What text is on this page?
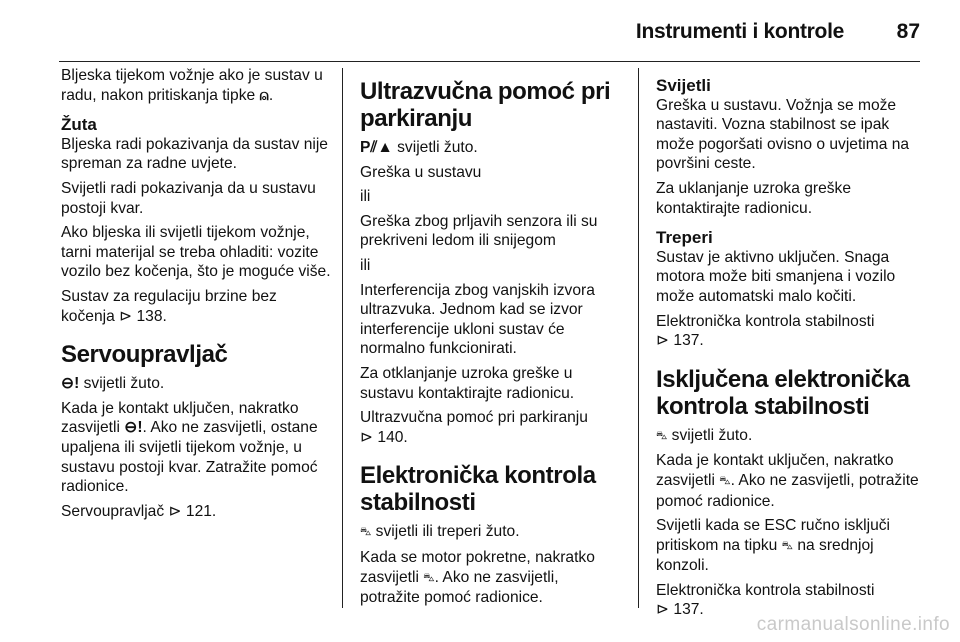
Instrumenti i kontrole	87

Bljeska tijekom vožnje ako je sustav u radu, nakon pritiskanja tipke ⍝.

Žuta

Bljeska radi pokazivanja da sustav nije spreman za radne uvjete.

Svijetli radi pokazivanja da u sustavu postoji kvar.

Ako bljeska ili svijetli tijekom vožnje, tarni materijal se treba ohladiti: vozite vozilo bez kočenja, što je moguće više.

Sustav za regulaciju brzine bez kočenja ⊳ 138.

Servoupravljač

⊖! svijetli žuto.

Kada je kontakt uključen, nakratko zasvijetli ⊖!. Ako ne zasvijetli, ostane upaljena ili svijetli tijekom vožnje, u sustavu postoji kvar. Zatražite pomoć radionice.

Servoupravljač ⊳ 121.

Ultrazvučna pomoć pri parkiranju

P⫽▲ svijetli žuto.

Greška u sustavu

ili

Greška zbog prljavih senzora ili su prekriveni ledom ili snijegom

ili

Interferencija zbog vanjskih izvora ultrazvuka. Jednom kad se izvor interferencije ukloni sustav će normalno funkcionirati.

Za otklanjanje uzroka greške u sustavu kontaktirajte radionicu.

Ultrazvučna pomoć pri parkiranju

⊳ 140.

Elektronička kontrola stabilnosti

⛍ svijetli ili treperi žuto.

Kada se motor pokretne, nakratko zasvijetli ⛍. Ako ne zasvijetli, potražite pomoć radionice.

Svijetli

Greška u sustavu. Vožnja se može nastaviti. Vozna stabilnost se ipak može pogoršati ovisno o uvjetima na površini ceste.

Za uklanjanje uzroka greške kontaktirajte radionicu.

Treperi

Sustav je aktivno uključen. Snaga motora može biti smanjena i vozilo može automatski malo kočiti.

Elektronička kontrola stabilnosti

⊳ 137.

Isključena elektronička kontrola stabilnosti

⛍ svijetli žuto.

Kada je kontakt uključen, nakratko zasvijetli ⛍. Ako ne zasvijetli, potražite pomoć radionice.

Svijetli kada se ESC ručno isključi pritiskom na tipku ⛍ na srednjoj konzoli.

Elektronička kontrola stabilnosti

⊳ 137.

carmanualsonline.info
